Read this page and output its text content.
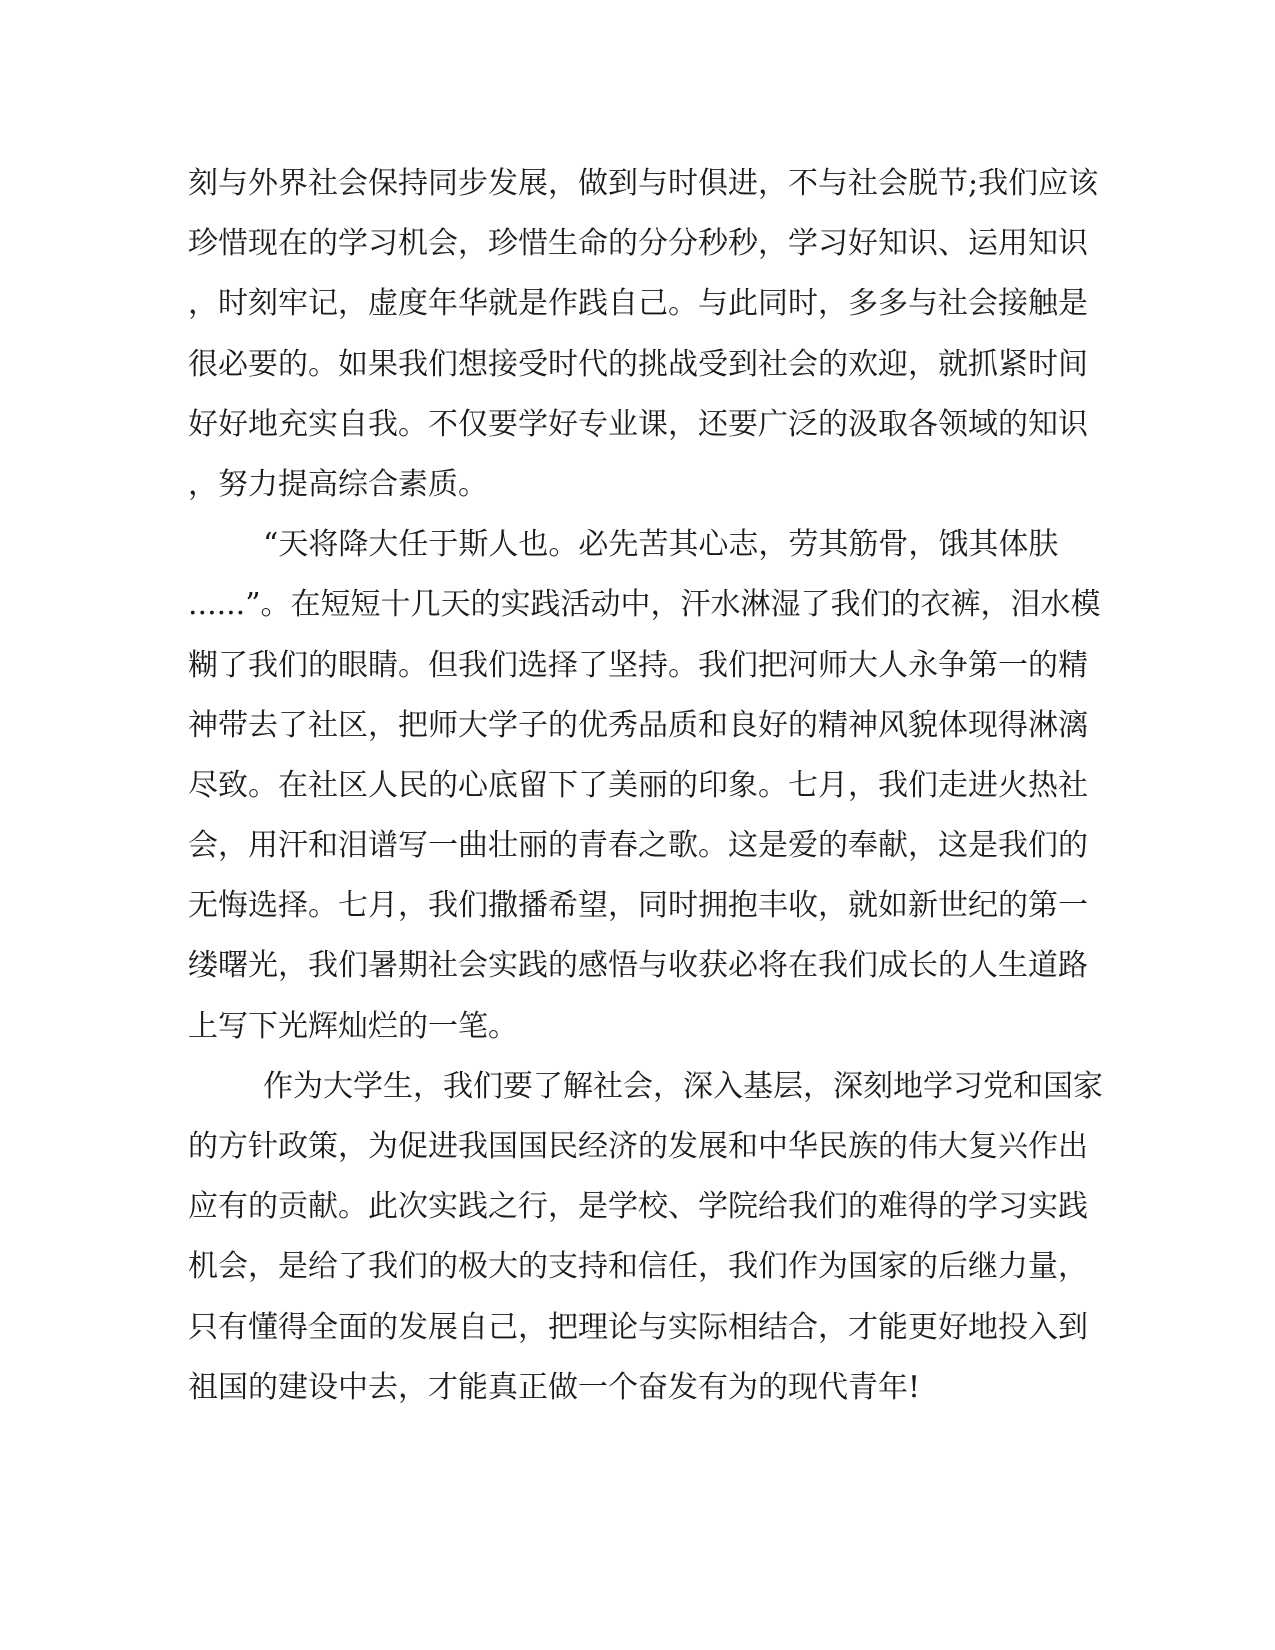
刻与外界社会保持同步发展，做到与时俱进，不与社会脱节;我们应该
珍惜现在的学习机会，珍惜生命的分分秒秒，学习好知识、运用知识
，时刻牢记，虚度年华就是作践自己。与此同时，多多与社会接触是
很必要的。如果我们想接受时代的挑战受到社会的欢迎，就抓紧时间
好好地充实自我。不仅要学好专业课，还要广泛的汲取各领域的知识
，努力提高综合素质。
“天将降大任于斯人也。必先苦其心志，劳其筋骨，饿其体肤
......”。在短短十几天的实践活动中，汗水淋湿了我们的衣裤，泪水模
糊了我们的眼睛。但我们选择了坚持。我们把河师大人永争第一的精
神带去了社区，把师大学子的优秀品质和良好的精神风貌体现得淋漓
尽致。在社区人民的心底留下了美丽的印象。七月，我们走进火热社
会，用汗和泪谱写一曲壮丽的青春之歌。这是爱的奉献，这是我们的
无悔选择。七月，我们撒播希望，同时拥抱丰收，就如新世纪的第一
缕曙光，我们暑期社会实践的感悟与收获必将在我们成长的人生道路
上写下光辉灿烂的一笔。
作为大学生，我们要了解社会，深入基层，深刻地学习党和国家
的方针政策，为促进我国国民经济的发展和中华民族的伟大复兴作出
应有的贡献。此次实践之行，是学校、学院给我们的难得的学习实践
机会，是给了我们的极大的支持和信任，我们作为国家的后继力量，
只有懂得全面的发展自己，把理论与实际相结合，才能更好地投入到
祖国的建设中去，才能真正做一个奋发有为的现代青年!
